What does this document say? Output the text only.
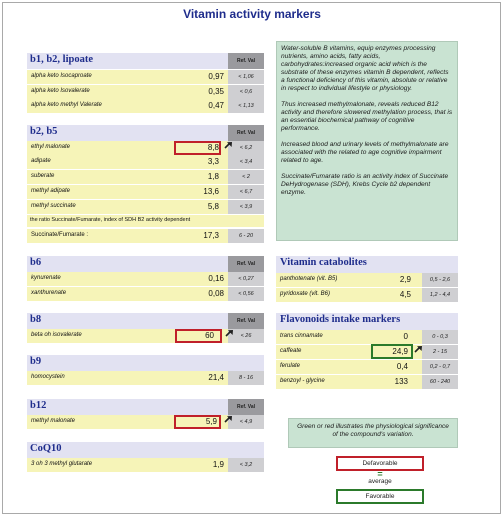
Vitamin activity markers
b1, b2, lipoate	Ref. Val
alpha keto Isocaproate	0,97	< 1,06
alpha keto Isovalerate	0,35	< 0,6
alpha keto methyl Valerate	0,47	< 1,13
b2, b5	Ref. Val
ethyl malonate	8,8	< 6,2
adipate	3,3	< 3,4
suberate	1,8	< 2
methyl adipate	13,6	< 6,7
methyl succinate	5,8	< 3,9
the ratio Succinate/Fumarate, index of SDH B2 activity dependent
Succinate/Fumarate :	17,3	6 - 20
b6	Ref. Val
kynurenate	0,16	< 0,27
xanthurenate	0,08	< 0,56
b8	Ref. Val
beta oh isovalerate	60	< 26
b9
homocystein	21,4	8 - 16
b12	Ref. Val
methyl malonate	5,9	< 4,9
CoQ10
3 oh 3 methyl glutarate	1,9	< 3,2

Water-soluble B vitamins, equip enzymes processing nutrients, amino acids, fatty acids, carbohydrates:increased organic acid which is the substrate of these enzymes vitamin B dependent, reflects a functional deficiency of this vitamin, absolute or relative in respect to individual lifestyle or physiology.

Thus increased methylmalonate, reveals reduced B12 activity and therefore slowered methylation process, that is an essential biochemical pathway of cognitive performance.

Increased blood and urinary levels of methylmalonate are associated with the related to age cognitive impairment related to age.

Succinate/Fumarate ratio is an activity index of Succinate DeHydrogenase (SDH), Krebs Cycle b2 dependent enzyme.

Vitamin catabolites
panthotenate (vit. B5)	2,9	0,5 - 2,6
pyridoxate (vit. B6)	4,5	1,2 - 4,4
Flavonoids intake markers
trans cinnamate	0	0 - 0,3
caffeate	24,9	2 - 15
ferulate	0,4	0,2 - 0,7
benzoyl - glycine	133	60 - 240

Green or red illustrates the physiological significance of the compound's variation.

Defavorable
=
average
Favorable
